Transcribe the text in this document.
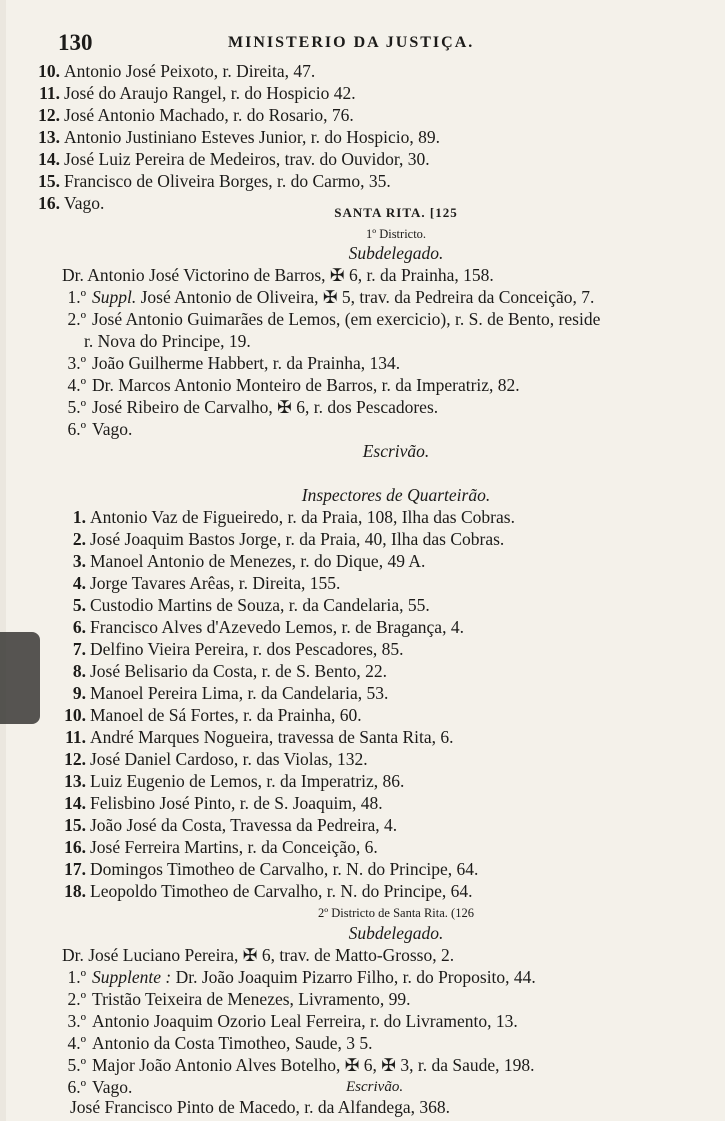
130	MINISTERIO DA JUSTIÇA.
10. Antonio José Peixoto, r. Direita, 47.
11. José do Araujo Rangel, r. do Hospicio 42.
12. José Antonio Machado, r. do Rosario, 76.
13. Antonio Justiniano Esteves Junior, r. do Hospicio, 89.
14. José Luiz Pereira de Medeiros, trav. do Ouvidor, 30.
15. Francisco de Oliveira Borges, r. do Carmo, 35.
16. Vago.	SANTA RITA. [125
1º Districto.
Subdelegado.
Dr. Antonio José Victorino de Barros, ✠ 6, r. da Prainha, 158.
1.º Suppl. José Antonio de Oliveira, ✠ 5, trav. da Pedreira da Conceição, 7.
2.º José Antonio Guimarães de Lemos, (em exercicio), r. S. de Bento, reside
r. Nova do Principe, 19.
3.º João Guilherme Habbert, r. da Prainha, 134.
4.º Dr. Marcos Antonio Monteiro de Barros, r. da Imperatriz, 82.
5.º José Ribeiro de Carvalho, ✠ 6, r. dos Pescadores.
6.º Vago.
Escrivão.
José Francisco Pinto de Macedo, r. da Alfandega, 368.
Inspectores de Quarteirão.
1. Antonio Vaz de Figueiredo, r. da Praia, 108, Ilha das Cobras.
2. José Joaquim Bastos Jorge, r. da Praia, 40, Ilha das Cobras.
3. Manoel Antonio de Menezes, r. do Dique, 49 A.
4. Jorge Tavares Arêas, r. Direita, 155.
5. Custodio Martins de Souza, r. da Candelaria, 55.
6. Francisco Alves d'Azevedo Lemos, r. de Bragança, 4.
7. Delfino Vieira Pereira, r. dos Pescadores, 85.
8. José Belisario da Costa, r. de S. Bento, 22.
9. Manoel Pereira Lima, r. da Candelaria, 53.
10. Manoel de Sá Fortes, r. da Prainha, 60.
11. André Marques Nogueira, travessa de Santa Rita, 6.
12. José Daniel Cardoso, r. das Violas, 132.
13. Luiz Eugenio de Lemos, r. da Imperatriz, 86.
14. Felisbino José Pinto, r. de S. Joaquim, 48.
15. João José da Costa, Travessa da Pedreira, 4.
16. José Ferreira Martins, r. da Conceição, 6.
17. Domingos Timotheo de Carvalho, r. N. do Principe, 64.
18. Leopoldo Timotheo de Carvalho, r. N. do Principe, 64.
2º Districto de Santa Rita. (126
Subdelegado.
Dr. José Luciano Pereira, ✠ 6, trav. de Matto-Grosso, 2.
1.º Supplente : Dr. João Joaquim Pizarro Filho, r. do Proposito, 44.
2.º Tristão Teixeira de Menezes, Livramento, 99.
3.º Antonio Joaquim Ozorio Leal Ferreira, r. do Livramento, 13.
4.º Antonio da Costa Timotheo, Saude, 3 5.
5.º Major João Antonio Alves Botelho, ✠ 6, ✠ 3, r. da Saude, 198.
6.º Vago.	Escrivão.
